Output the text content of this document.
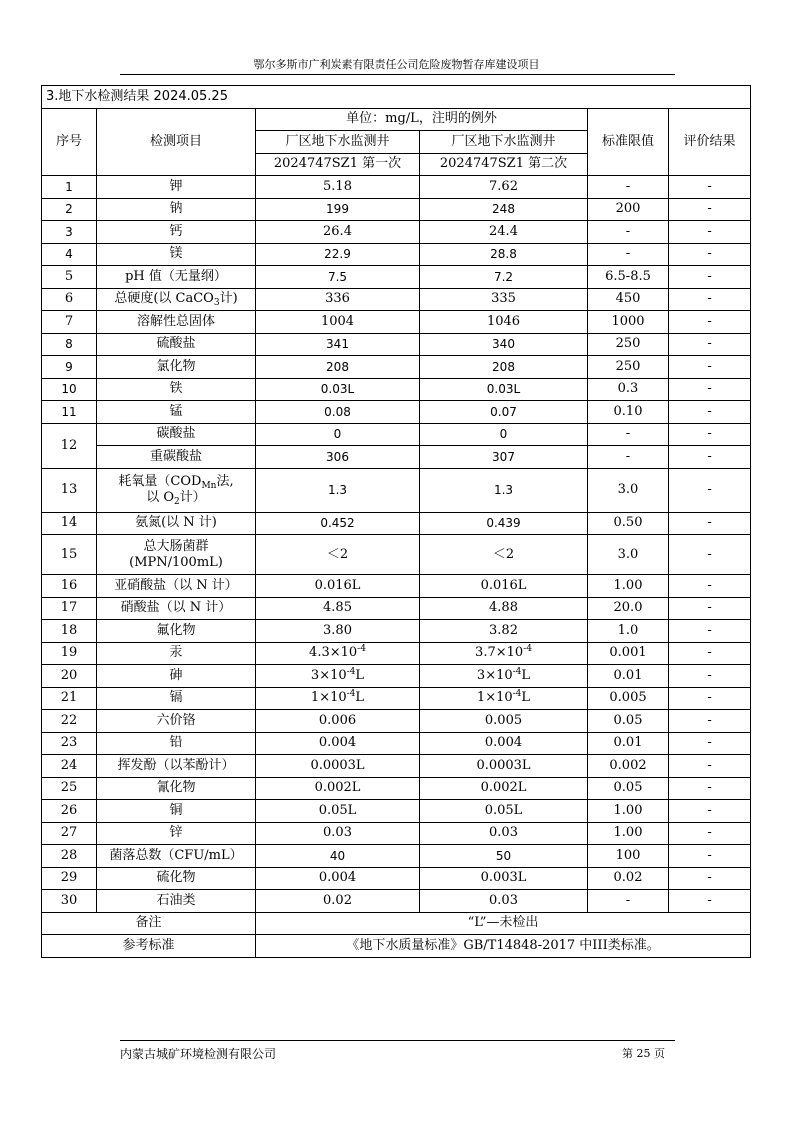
鄂尔多斯市广利炭素有限责任公司危险废物暂存库建设项目
3.地下水检测结果 2024.05.25					
序号	检测项目	单位：mg/L，注明的例外		标准限值	评价结果
		厂区地下水监测井	厂区地下水监测井		
		2024747SZ1 第一次	2024747SZ1 第二次		
1	钾	5.18	7.62	-	-
2	钠	199	248	200	-
3	钙	26.4	24.4	-	-
4	镁	22.9	28.8	-	-
5	pH 值（无量纲）	7.5	7.2	6.5-8.5	-
6	总硬度(以 CaCO$_3$计)	336	335	450	-
7	溶解性总固体	1004	1046	1000	-
8	硫酸盐	341	340	250	-
9	氯化物	208	208	250	-
10	铁	0.03L	0.03L	0.3	-
11	锰	0.08	0.07	0.10	-
12	碳酸盐	0	0	-	-
	重碳酸盐	306	307	-	-
13	耗氧量（$COD_{Mn}$法,
以 $O_2$计）	1.3	1.3	3.0	-
14	氨氮(以 N 计)	0.452	0.439	0.50	-
15	总大肠菌群
(MPN/100mL)	＜2	＜2	3.0	-
16	亚硝酸盐（以 N 计）	0.016L	0.016L	1.00	-
17	硝酸盐（以 N 计）	4.85	4.88	20.0	-
18	氟化物	3.80	3.82	1.0	-
19	汞	$4.3\times 10^{-4}$	$3.7\times 10^{-4}$	0.001	-
20	砷	$3\times 10^{-4}L$	$3\times 10^{-4}L$	0.01	-
21	镉	$1\times 10^{-4}L$	$1\times 10^{-4}L$	0.005	-
22	六价铬	0.006	0.005	0.05	-
23	铅	0.004	0.004	0.01	-
24	挥发酚（以苯酚计）	0.0003L	0.0003L	0.002	-
25	氰化物	0.002L	0.002L	0.05	-
26	铜	0.05L	0.05L	1.00	-
27	锌	0.03	0.03	1.00	-
28	菌落总数（CFU/mL）	40	50	100	-
29	硫化物	0.004	0.003L	0.02	-
30	石油类	0.02	0.03	-	-
备注		“L”—未检出			
参考标准		《地下水质量标准》GB/T14848-2017 中III类标准。			
内蒙古城矿环境检测有限公司	第 25 页
